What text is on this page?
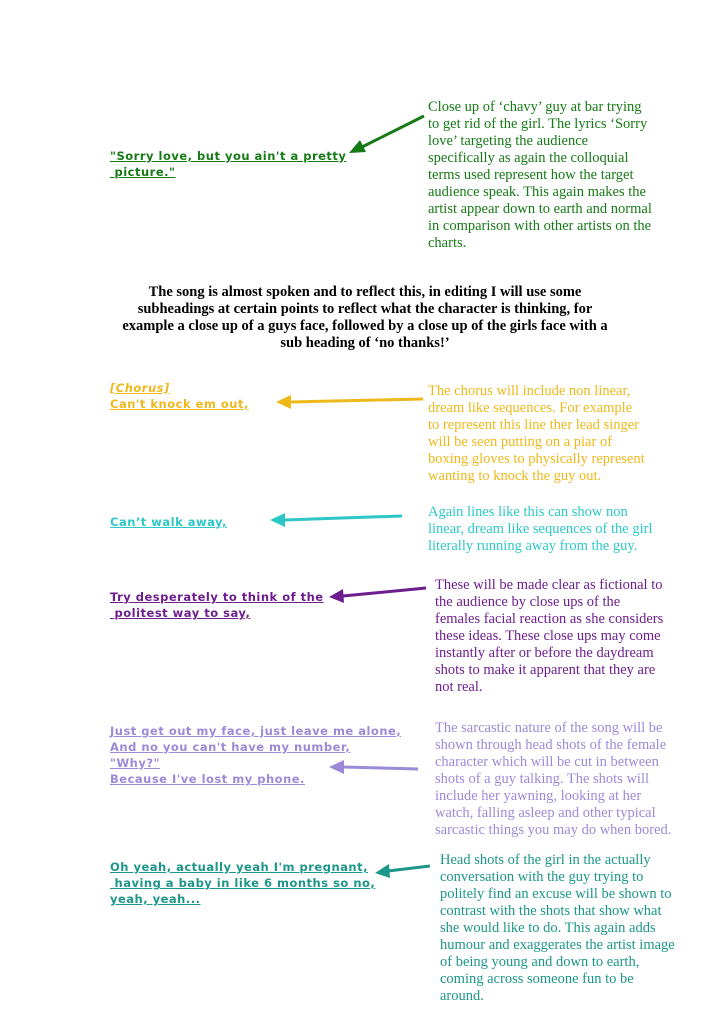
"Sorry love, but you ain't a pretty
picture."
Close up of ‘chavy’ guy at bar trying
to get rid of the girl. The lyrics ‘Sorry
love’ targeting the audience
specifically as again the colloquial
terms used represent how the target
audience speak. This again makes the
artist appear down to earth and normal
in comparison with other artists on the
charts.
The song is almost spoken and to reflect this, in editing I will use some
subheadings at certain points to reflect what the character is thinking, for
example a close up of a guys face, followed by a close up of the girls face with a
sub heading of ‘no thanks!’
[Chorus]
Can't knock em out,
The chorus will include non linear,
dream like sequences. For example
to represent this line ther lead singer
will be seen putting on a piar of
boxing gloves to physically represent
wanting to knock the guy out.
Can’t walk away,
Again lines like this can show non
linear, dream like sequences of the girl
literally running away from the guy.
Try desperately to think of the
politest way to say,
These will be made clear as fictional to
the audience by close ups of the
females facial reaction as she considers
these ideas. These close ups may come
instantly after or before the daydream
shots to make it apparent that they are
not real.
Just get out my face, just leave me alone,
And no you can't have my number,
"Why?"
Because I've lost my phone.
The sarcastic nature of the song will be
shown through head shots of the female
character which will be cut in between
shots of a guy talking. The shots will
include her yawning, looking at her
watch, falling asleep and other typical
sarcastic things you may do when bored.
Oh yeah, actually yeah I'm pregnant,
having a baby in like 6 months so no,
yeah, yeah...
Head shots of the girl in the actually
conversation with the guy trying to
politely find an excuse will be shown to
contrast with the shots that show what
she would like to do. This again adds
humour and exaggerates the artist image
of being young and down to earth,
coming across someone fun to be
around.
